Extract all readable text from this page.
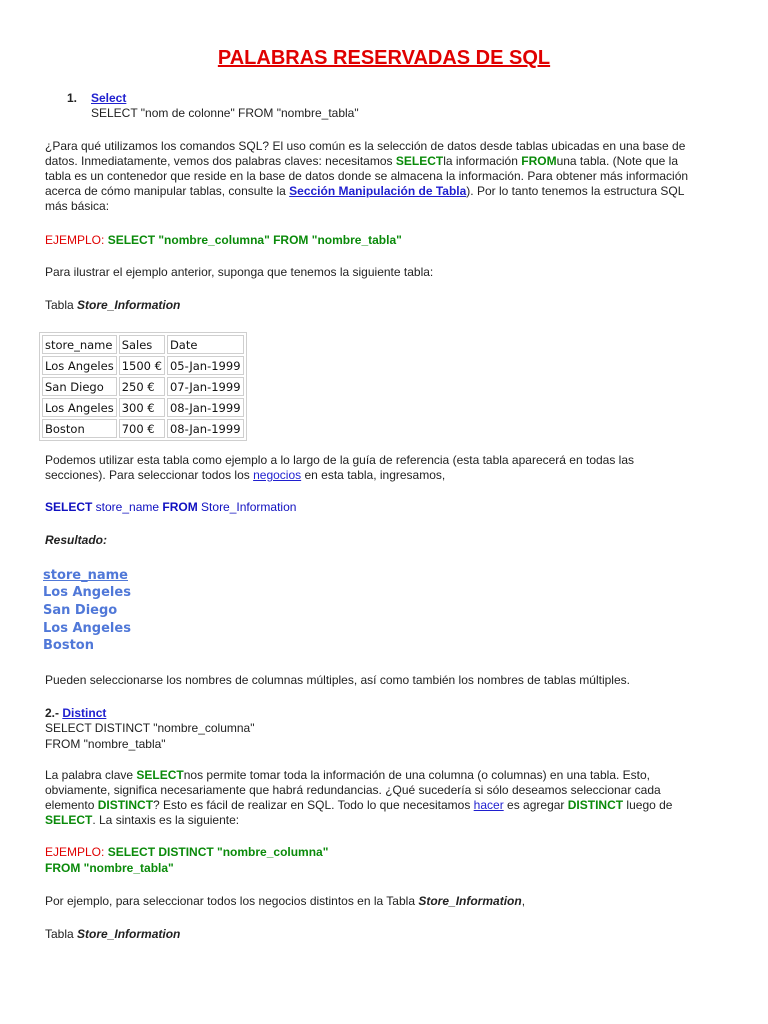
PALABRAS RESERVADAS DE SQL
1. Select
SELECT "nom de colonne" FROM "nombre_tabla"
¿Para qué utilizamos los comandos SQL? El uso común es la selección de datos desde tablas ubicadas en una base de
datos. Inmediatamente, vemos dos palabras claves: necesitamos SELECTla información FROMuna tabla. (Note que la
tabla es un contenedor que reside en la base de datos donde se almacena la información. Para obtener más información
acerca de cómo manipular tablas, consulte la Sección Manipulación de Tabla). Por lo tanto tenemos la estructura SQL
más básica:
EJEMPLO: SELECT "nombre_columna" FROM "nombre_tabla"
Para ilustrar el ejemplo anterior, suponga que tenemos la siguiente tabla:
Tabla Store_Information
store_name	Sales	Date
Los Angeles	1500 €	05-Jan-1999
San Diego	250 €	07-Jan-1999
Los Angeles	300 €	08-Jan-1999
Boston	700 €	08-Jan-1999
Podemos utilizar esta tabla como ejemplo a lo largo de la guía de referencia (esta tabla aparecerá en todas las
secciones). Para seleccionar todos los negocios en esta tabla, ingresamos,
SELECT store_name FROM Store_Information
Resultado:
store_name
Los Angeles
San Diego
Los Angeles
Boston
Pueden seleccionarse los nombres de columnas múltiples, así como también los nombres de tablas múltiples.
2.- Distinct
SELECT DISTINCT "nombre_columna"
FROM "nombre_tabla"
La palabra clave SELECTnos permite tomar toda la información de una columna (o columnas) en una tabla. Esto,
obviamente, significa necesariamente que habrá redundancias. ¿Qué sucedería si sólo deseamos seleccionar cada
elemento DISTINCT? Esto es fácil de realizar en SQL. Todo lo que necesitamos hacer es agregar DISTINCT luego de
SELECT. La sintaxis es la siguiente:
EJEMPLO: SELECT DISTINCT "nombre_columna"
FROM "nombre_tabla"
Por ejemplo, para seleccionar todos los negocios distintos en la Tabla Store_Information,
Tabla Store_Information
